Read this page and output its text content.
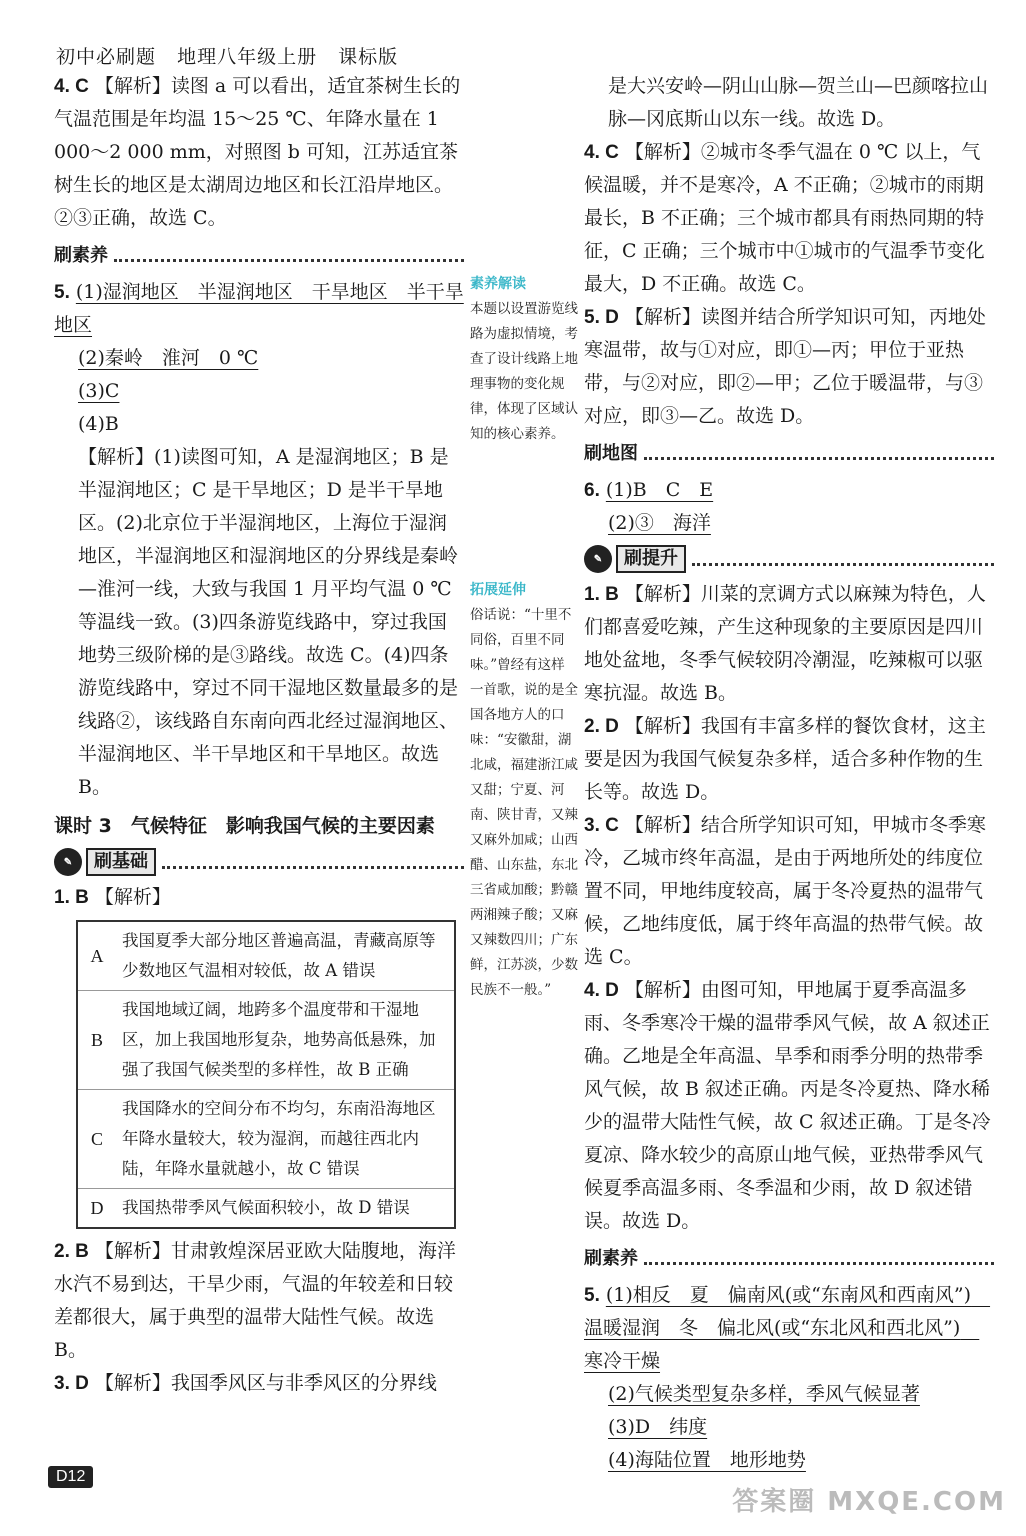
初中必刷题 地理八年级上册 课标版

4. C 【解析】读图 a 可以看出，适宜茶树生长的气温范围是年均温 15～25 ℃、年降水量在 1 000～2 000 mm，对照图 b 可知，江苏适宜茶树生长的地区是太湖周边地区和长江沿岸地区。②③正确，故选 C。

刷素养

5. (1)湿润地区　半湿润地区　干旱地区　半干旱地区

(2)秦岭　淮河　0 ℃

(3)C

(4)B

【解析】(1)读图可知，A 是湿润地区；B 是半湿润地区；C 是干旱地区；D 是半干旱地区。(2)北京位于半湿润地区，上海位于湿润地区，半湿润地区和湿润地区的分界线是秦岭—淮河一线，大致与我国 1 月平均气温 0 ℃ 等温线一致。(3)四条游览线路中，穿过我国地势三级阶梯的是③路线。故选 C。(4)四条游览线路中，穿过不同干湿地区数量最多的是线路②，该线路自东南向西北经过湿润地区、半湿润地区、半干旱地区和干旱地区。故选 B。

课时 3　气候特征　影响我国气候的主要因素
✎	刷基础

1. B 【解析】

A	我国夏季大部分地区普遍高温，青藏高原等少数地区气温相对较低，故 A 错误
B	我国地域辽阔，地跨多个温度带和干湿地区，加上我国地形复杂，地势高低悬殊，加强了我国气候类型的多样性，故 B 正确
C	我国降水的空间分布不均匀，东南沿海地区年降水量较大，较为湿润，而越往西北内陆，年降水量就越小，故 C 错误
D	我国热带季风气候面积较小，故 D 错误

2. B 【解析】甘肃敦煌深居亚欧大陆腹地，海洋水汽不易到达，干旱少雨，气温的年较差和日较差都很大，属于典型的温带大陆性气候。故选 B。

3. D 【解析】我国季风区与非季风区的分界线

素养解读
本题以设置游览线路为虚拟情境，考查了设计线路上地理事物的变化规律，体现了区域认知的核心素养。
拓展延伸
俗话说：“十里不同俗，百里不同味。”曾经有这样一首歌，说的是全国各地方人的口味：“安徽甜，湖北咸，福建浙江咸又甜；宁夏、河南、陕甘青，又辣又麻外加咸；山西醋、山东盐，东北三省咸加酸；黔赣两湘辣子酸；又麻又辣数四川；广东鲜，江苏淡，少数民族不一般。”

是大兴安岭—阴山山脉—贺兰山—巴颜喀拉山脉—冈底斯山以东一线。故选 D。

4. C 【解析】②城市冬季气温在 0 ℃ 以上，气候温暖，并不是寒冷，A 不正确；②城市的雨期最长，B 不正确；三个城市都具有雨热同期的特征，C 正确；三个城市中①城市的气温季节变化最大，D 不正确。故选 C。

5. D 【解析】读图并结合所学知识可知，丙地处寒温带，故与①对应，即①—丙；甲位于亚热带，与②对应，即②—甲；乙位于暖温带，与③对应，即③—乙。故选 D。

刷地图

6. (1)B　C　E

(2)③　海洋

✎	刷提升

1. B 【解析】川菜的烹调方式以麻辣为特色，人们都喜爱吃辣，产生这种现象的主要原因是四川地处盆地，冬季气候较阴冷潮湿，吃辣椒可以驱寒抗湿。故选 B。

2. D 【解析】我国有丰富多样的餐饮食材，这主要是因为我国气候复杂多样，适合多种作物的生长等。故选 D。

3. C 【解析】结合所学知识可知，甲城市冬季寒冷，乙城市终年高温，是由于两地所处的纬度位置不同，甲地纬度较高，属于冬冷夏热的温带气候，乙地纬度低，属于终年高温的热带气候。故选 C。

4. D 【解析】由图可知，甲地属于夏季高温多雨、冬季寒冷干燥的温带季风气候，故 A 叙述正确。乙地是全年高温、旱季和雨季分明的热带季风气候，故 B 叙述正确。丙是冬冷夏热、降水稀少的温带大陆性气候，故 C 叙述正确。丁是冬冷夏凉、降水较少的高原山地气候，亚热带季风气候夏季高温多雨、冬季温和少雨，故 D 叙述错误。故选 D。

刷素养

5. (1)相反　夏　偏南风(或“东南风和西南风”)　温暖湿润　冬　偏北风(或“东北风和西北风”)　寒冷干燥

(2)气候类型复杂多样，季风气候显著

(3)D　纬度

(4)海陆位置　地形地势

D12
答案圈 MXQE.COM
